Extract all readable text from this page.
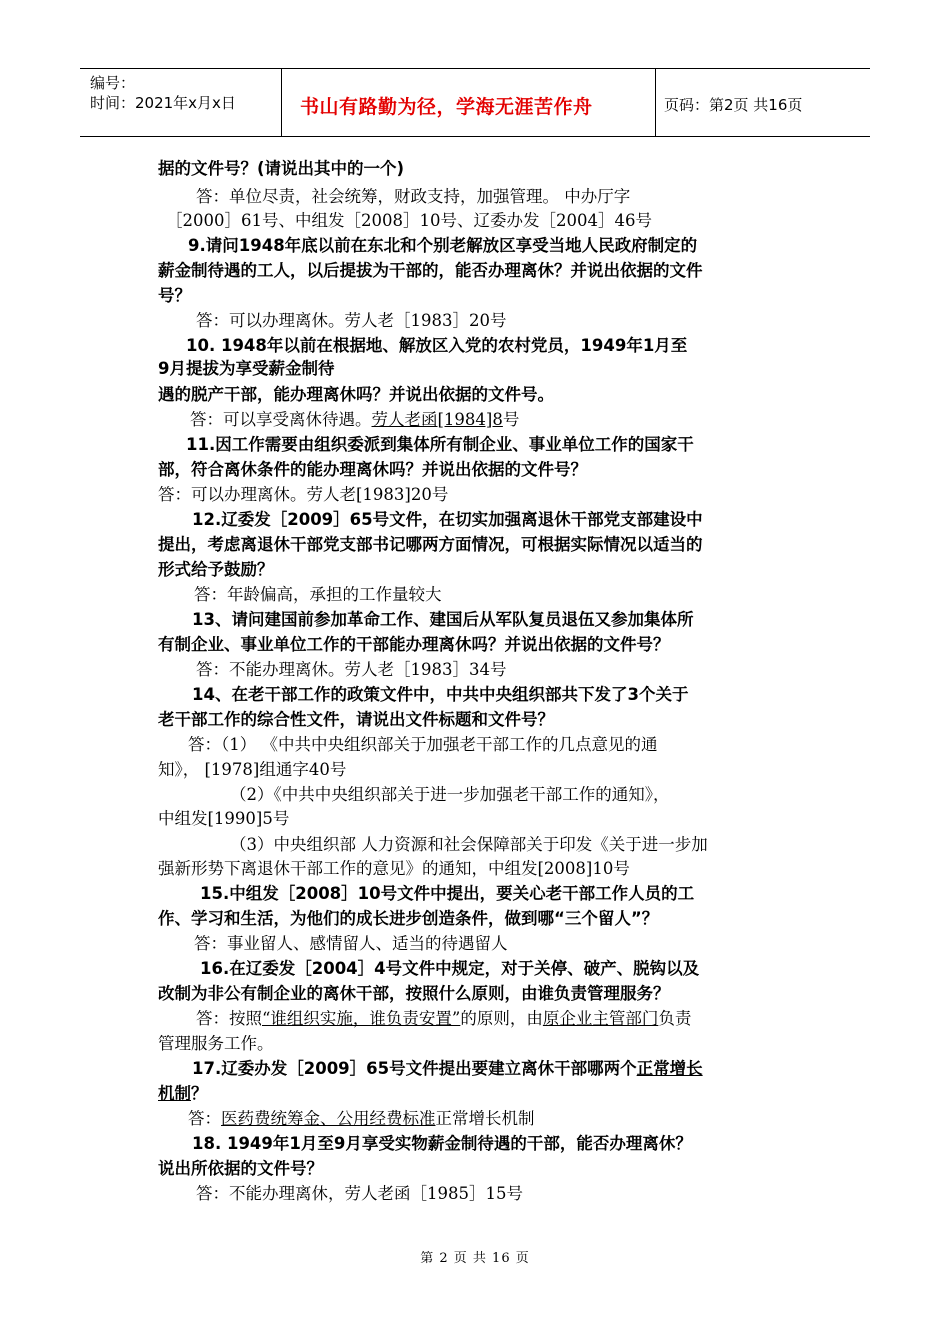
编号：
时间：2021年x月x日	书山有路勤为径，学海无涯苦作舟	页码：第2页 共16页
据的文件号？(请说出其中的一个)
答：单位尽责，社会统筹，财政支持，加强管理。 中办厅字
［2000］61号、中组发［2008］10号、辽委办发［2004］46号
9.请问1948年底以前在东北和个别老解放区享受当地人民政府制定的
薪金制待遇的工人，以后提拔为干部的，能否办理离休？并说出依据的文件
号？
答：可以办理离休。劳人老［1983］20号
10. 1948年以前在根据地、解放区入党的农村党员，1949年1月至
9月提拔为享受薪金制待
遇的脱产干部，能办理离休吗？并说出依据的文件号。
答：可以享受离休待遇。劳人老函[1984]8号
11.因工作需要由组织委派到集体所有制企业、事业单位工作的国家干
部，符合离休条件的能办理离休吗？并说出依据的文件号？
答：可以办理离休。劳人老[1983]20号
12.辽委发［2009］65号文件，在切实加强离退休干部党支部建设中
提出，考虑离退休干部党支部书记哪两方面情况，可根据实际情况以适当的
形式给予鼓励？
答：年龄偏高，承担的工作量较大
13、请问建国前参加革命工作、建国后从军队复员退伍又参加集体所
有制企业、事业单位工作的干部能办理离休吗？并说出依据的文件号？
答：不能办理离休。劳人老［1983］34号
14、在老干部工作的政策文件中，中共中央组织部共下发了3个关于
老干部工作的综合性文件，请说出文件标题和文件号？
答：（1） 《中共中央组织部关于加强老干部工作的几点意见的通
知》， [1978]组通字40号
（2）《中共中央组织部关于进一步加强老干部工作的通知》，
中组发[1990]5号
（3）中央组织部 人力资源和社会保障部关于印发《关于进一步加
强新形势下离退休干部工作的意见》的通知，中组发[2008]10号
15.中组发［2008］10号文件中提出，要关心老干部工作人员的工
作、学习和生活，为他们的成长进步创造条件，做到哪“三个留人”？
答：事业留人、感情留人、适当的待遇留人
16.在辽委发［2004］4号文件中规定，对于关停、破产、脱钩以及
改制为非公有制企业的离休干部，按照什么原则，由谁负责管理服务？
答：按照“谁组织实施，谁负责安置”的原则，由原企业主管部门负责
管理服务工作。
17.辽委办发［2009］65号文件提出要建立离休干部哪两个正常增长
机制？
答：医药费统筹金、公用经费标准正常增长机制
18. 1949年1月至9月享受实物薪金制待遇的干部，能否办理离休？
说出所依据的文件号？
答：不能办理离休，劳人老函［1985］15号
第 2 页 共 16 页
